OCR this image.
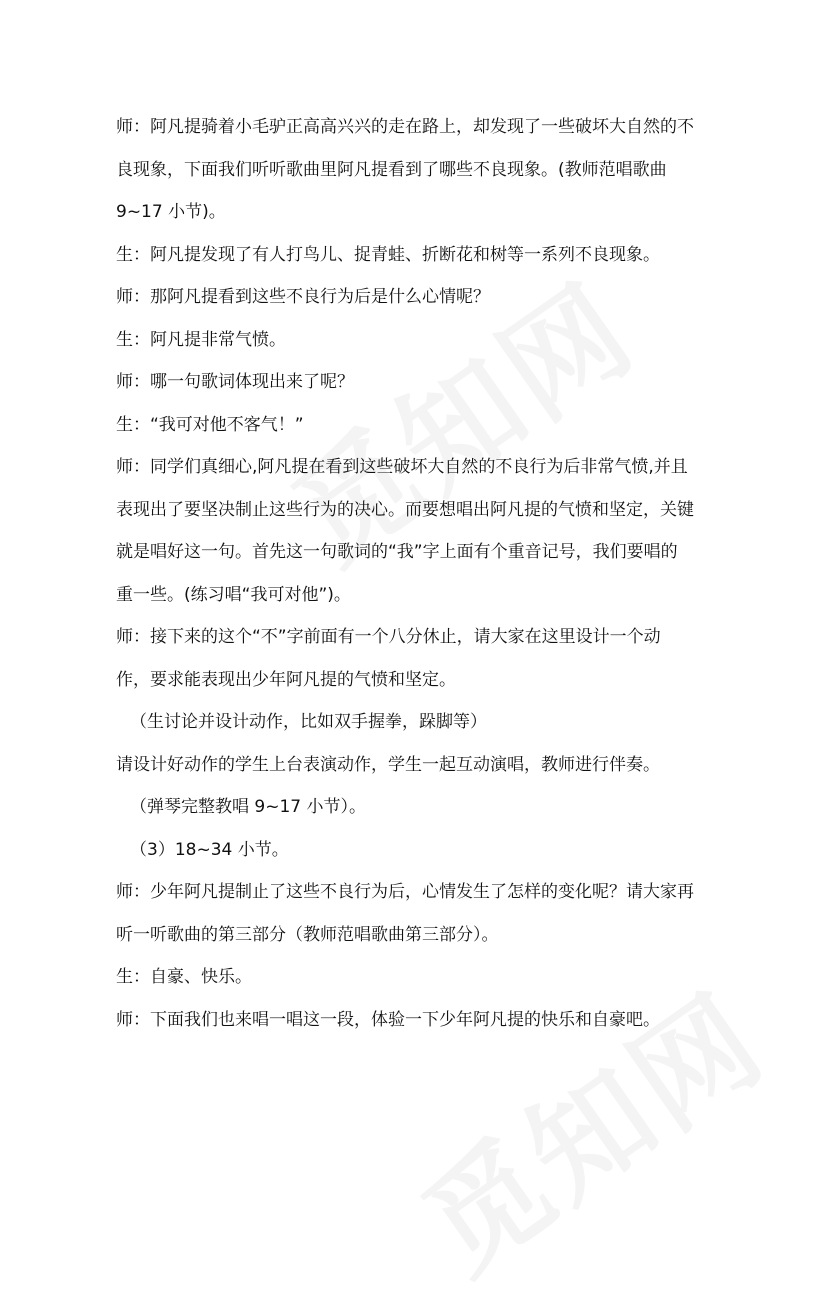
师：阿凡提骑着小毛驴正高高兴兴的走在路上，却发现了一些破坏大自然的不

良现象，下面我们听听歌曲里阿凡提看到了哪些不良现象。(教师范唱歌曲

9~17 小节)。

生：阿凡提发现了有人打鸟儿、捉青蛙、折断花和树等一系列不良现象。

师：那阿凡提看到这些不良行为后是什么心情呢？

生：阿凡提非常气愤。

师：哪一句歌词体现出来了呢？

生：“我可对他不客气！”

师：同学们真细心,阿凡提在看到这些破坏大自然的不良行为后非常气愤,并且

表现出了要坚决制止这些行为的决心。而要想唱出阿凡提的气愤和坚定，关键

就是唱好这一句。首先这一句歌词的“我”字上面有个重音记号，我们要唱的

重一些。(练习唱“我可对他”)。

师：接下来的这个“不”字前面有一个八分休止，请大家在这里设计一个动

作，要求能表现出少年阿凡提的气愤和坚定。

（生讨论并设计动作，比如双手握拳，跺脚等）

请设计好动作的学生上台表演动作，学生一起互动演唱，教师进行伴奏。

（弹琴完整教唱 9~17 小节）。

（3）18~34 小节。

师：少年阿凡提制止了这些不良行为后，心情发生了怎样的变化呢？请大家再

听一听歌曲的第三部分（教师范唱歌曲第三部分）。

生：自豪、快乐。

师：下面我们也来唱一唱这一段，体验一下少年阿凡提的快乐和自豪吧。
